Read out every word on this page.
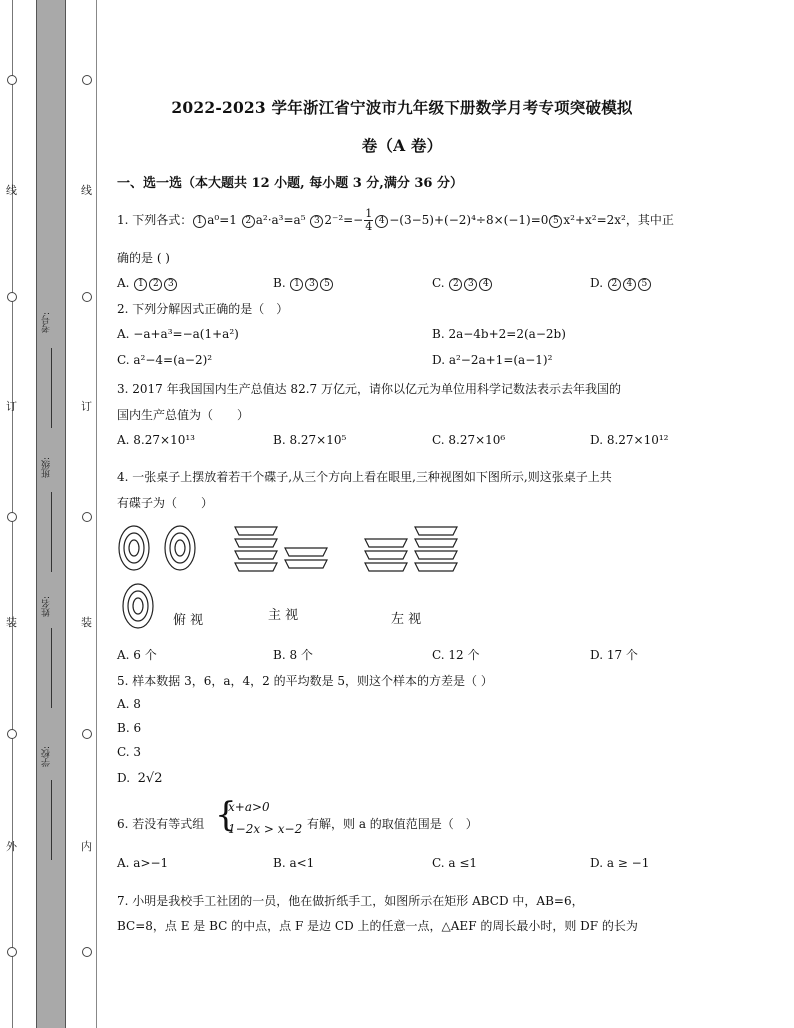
线
订
装
外
线
订
装
内
考号:
班级:
姓名:
学校:
2022-2023 学年浙江省宁波市九年级下册数学月考专项突破模拟
卷（A 卷）
一、选一选（本大题共 12 小题, 每小题 3 分,满分 36 分）
1. 下列各式： 1 a⁰=1 2 a²·a³=a⁵ 3 $2^{-2}=- \frac{1}{4} 4 -(3-5)+(-2)^4\div 8\times(-1)=0$ 5 x²+x²=2x²，其中正
确的是 ( )
A. 1 2 3	B. 1 3 5	C. 2 3 4	D. 2 4 5
2. 下列分解因式正确的是（　）
A. −a+a³=−a(1+a²)	B. 2a−4b+2=2(a−2b)
C. a²−4=(a−2)²	D. a²−2a+1=(a−1)²
3. 2017 年我国国内生产总值达 82.7 万亿元，请你以亿元为单位用科学记数法表示去年我国的
国内生产总值为（　　）
A. 8.27×10¹³	B. 8.27×10⁵	C. 8.27×10⁶	D. 8.27×10¹²
4. 一张桌子上摆放着若干个碟子,从三个方向上看在眼里,三种视图如下图所示,则这张桌子上共
有碟子为（　　）
俯 视	主 视	左 视
A. 6 个	B. 8 个	C. 12 个	D. 17 个
5. 样本数据 3，6，a，4，2 的平均数是 5，则这个样本的方差是（ ）
A. 8
B. 6
C. 3
D. 2√2
6. 若没有等式组 {
x+a>0
1−2x > x−2 有解，则 a 的取值范围是（　）
A. a>−1	B. a<1	C. a ≤1	D. a ≥ −1
7. 小明是我校手工社团的一员，他在做折纸手工，如图所示在矩形 ABCD 中，AB=6，
BC=8，点 E 是 BC 的中点，点 F 是边 CD 上的任意一点，△AEF 的周长最小时，则 DF 的长为
